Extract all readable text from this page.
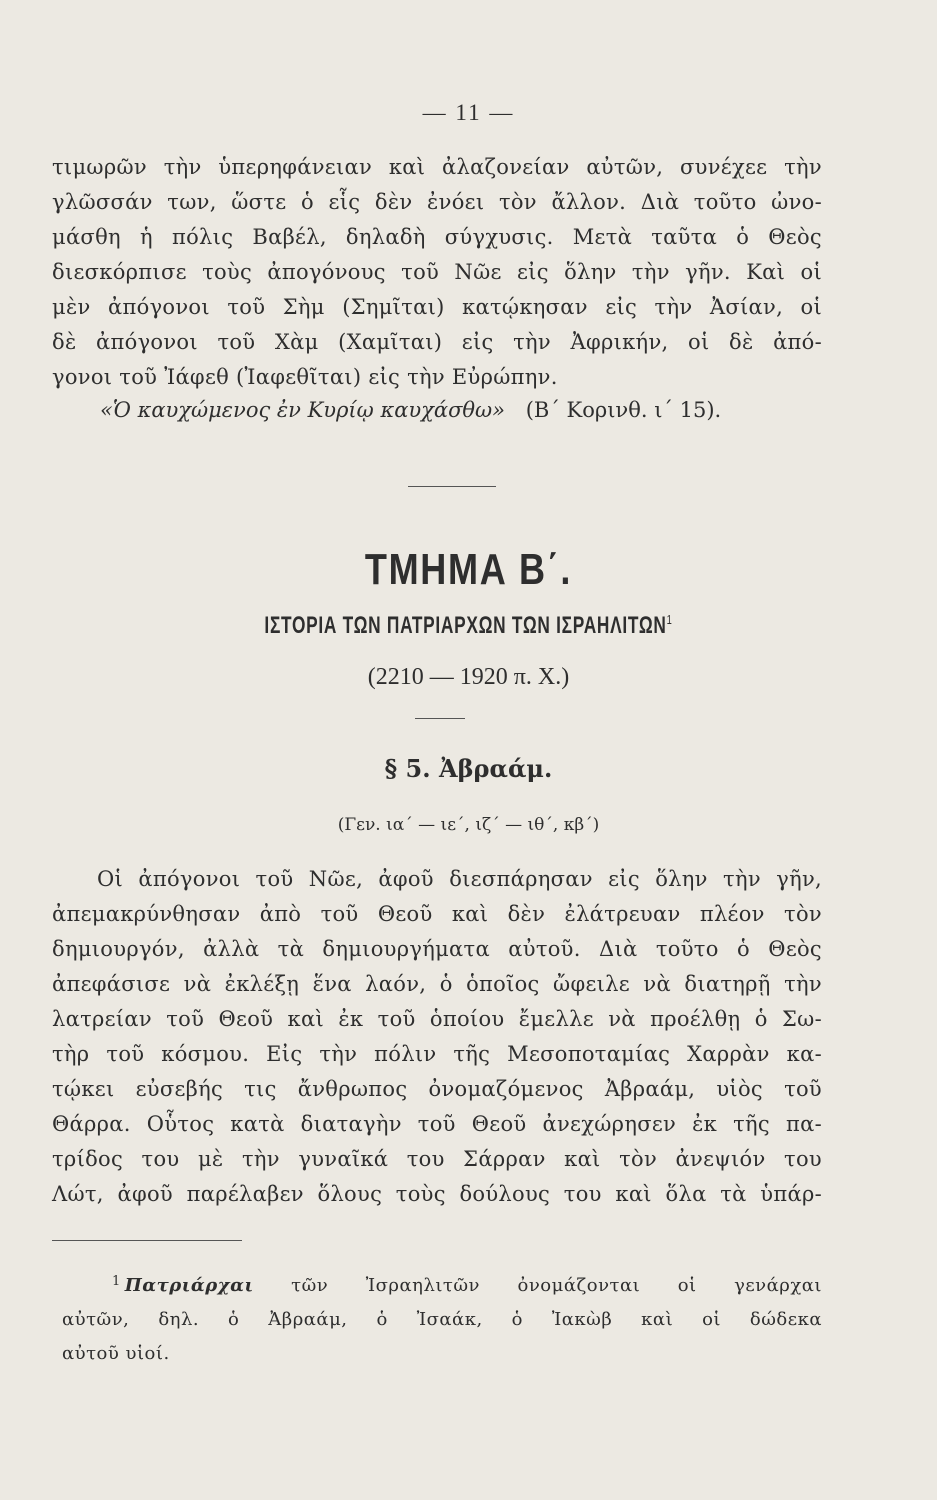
— 11 —
τιμωρῶν τὴν ὑπερηφάνειαν καὶ ἀλαζονείαν αὐτῶν, συνέχεε τὴν
γλῶσσάν των, ὥστε ὁ εἷς δὲν ἐνόει τὸν ἄλλον. Διὰ τοῦτο ὠνο-
μάσθη ἡ πόλις Βαβέλ, δηλαδὴ σύγχυσις. Μετὰ ταῦτα ὁ Θεὸς
διεσκόρπισε τοὺς ἀπογόνους τοῦ Νῶε εἰς ὅλην τὴν γῆν. Καὶ οἱ
μὲν ἀπόγονοι τοῦ Σὴμ (Σημῖται) κατῴκησαν εἰς τὴν Ἀσίαν, οἱ
δὲ ἀπόγονοι τοῦ Χὰμ (Χαμῖται) εἰς τὴν Ἀφρικήν, οἱ δὲ ἀπό-
γονοι τοῦ Ἰάφεθ (Ἰαφεθῖται) εἰς τὴν Εὐρώπην.
«Ὁ καυχώμενος ἐν Κυρίῳ καυχάσθω» (Β΄ Κορινθ. ι΄ 15).
ΤΜΗΜΑ Β΄.
ΙΣΤΟΡΙΑ ΤΩΝ ΠΑΤΡΙΑΡΧΩΝ ΤΩΝ ΙΣΡΑΗΛΙΤΩΝ$^1$
(2210 — 1920 π. Χ.)
§ 5. Ἀβραάμ.
(Γεν. ια΄ — ιε΄, ιζ΄ — ιθ΄, κβ΄)
Οἱ ἀπόγονοι τοῦ Νῶε, ἀφοῦ διεσπάρησαν εἰς ὅλην τὴν γῆν,
ἀπεμακρύνθησαν ἀπὸ τοῦ Θεοῦ καὶ δὲν ἐλάτρευαν πλέον τὸν
δημιουργόν, ἀλλὰ τὰ δημιουργήματα αὐτοῦ. Διὰ τοῦτο ὁ Θεὸς
ἀπεφάσισε νὰ ἐκλέξῃ ἕνα λαόν, ὁ ὁποῖος ὤφειλε νὰ διατηρῇ τὴν
λατρείαν τοῦ Θεοῦ καὶ ἐκ τοῦ ὁποίου ἔμελλε νὰ προέλθῃ ὁ Σω-
τὴρ τοῦ κόσμου. Εἰς τὴν πόλιν τῆς Μεσοποταμίας Χαρρὰν κα-
τῴκει εὐσεβής τις ἄνθρωπος ὀνομαζόμενος Ἀβραάμ, υἱὸς τοῦ
Θάρρα. Οὗτος κατὰ διαταγὴν τοῦ Θεοῦ ἀνεχώρησεν ἐκ τῆς πα-
τρίδος του μὲ τὴν γυναῖκά του Σάρραν καὶ τὸν ἀνεψιόν του
Λώτ, ἀφοῦ παρέλαβεν ὅλους τοὺς δούλους του καὶ ὅλα τὰ ὑπάρ-
$^1$ Πατριάρχαι τῶν Ἰσραηλιτῶν ὀνομάζονται οἱ γενάρχαι
αὐτῶν, δηλ. ὁ Ἀβραάμ, ὁ Ἰσαάκ, ὁ Ἰακὼβ καὶ οἱ δώδεκα
αὐτοῦ υἱοί.
